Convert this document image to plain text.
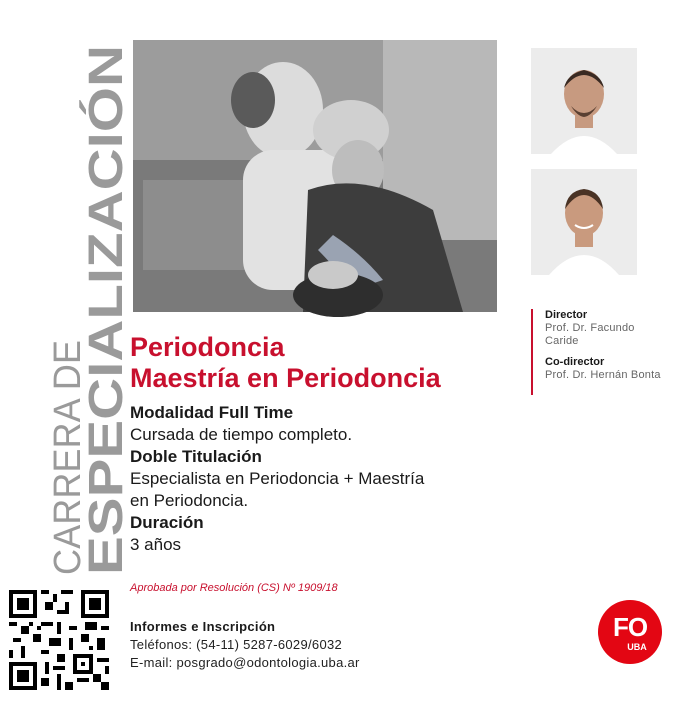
CARRERA DE
ESPECIALIZACIÓN	Director
Prof. Dr. Facundo
Caride
Co-director
Prof. Dr. Hernán Bonta
Periodoncia
Maestría en Periodoncia
Modalidad Full Time
Cursada de tiempo completo.
Doble Titulación
Especialista en Periodoncia + Maestría
en Periodoncia.
Duración
3 años
Aprobada por Resolución (CS) Nº 1909/18
Informes e Inscripción
Teléfonos: (54-11) 5287-6029/6032
E-mail: posgrado@odontologia.uba.ar
FO
UBA
